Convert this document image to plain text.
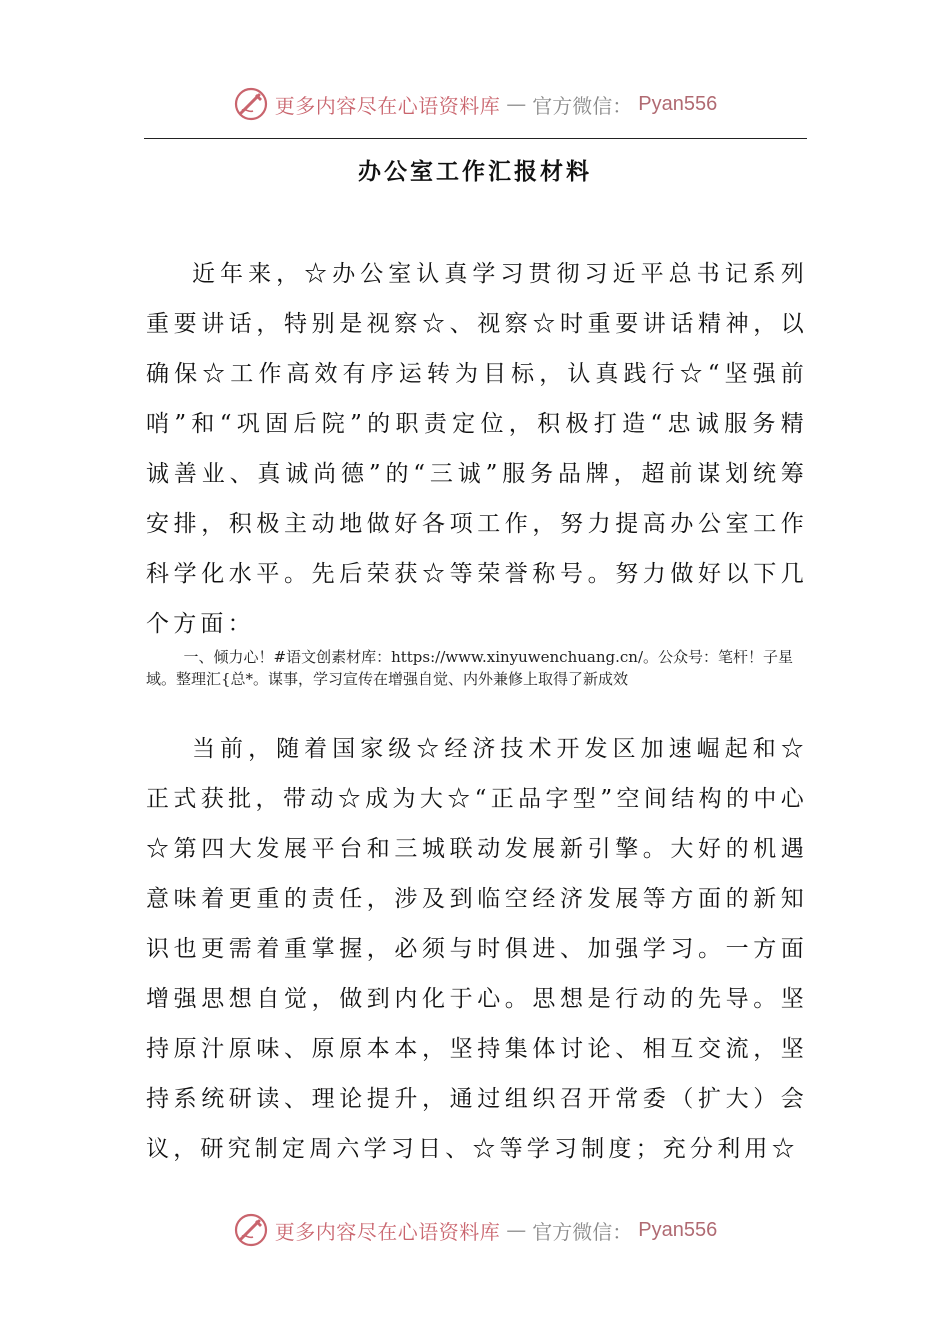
更多内容尽在心语资料库 — 官方微信： Pyan556
办公室工作汇报材料

近年来，☆办公室认真学习贯彻习近平总书记系列重要讲话，特别是视察☆、视察☆时重要讲话精神，以确保☆工作高效有序运转为目标，认真践行☆“坚强前哨”和“巩固后院”的职责定位，积极打造“忠诚服务精诚善业、真诚尚德”的“三诚”服务品牌，超前谋划统筹安排，积极主动地做好各项工作，努力提高办公室工作科学化水平。先后荣获☆等荣誉称号。努力做好以下几个方面：

一、倾力心！#语文创素材库：https://www.xinyuwenchuang.cn/。公众号：笔杆！子星域。整理汇{总*。谋事，学习宣传在增强自觉、内外兼修上取得了新成效

当前，随着国家级☆经济技术开发区加速崛起和☆正式获批，带动☆成为大☆“正品字型”空间结构的中心☆第四大发展平台和三城联动发展新引擎。大好的机遇意味着更重的责任，涉及到临空经济发展等方面的新知识也更需着重掌握，必须与时俱进、加强学习。一方面增强思想自觉，做到内化于心。思想是行动的先导。坚持原汁原味、原原本本，坚持集体讨论、相互交流，坚持系统研读、理论提升，通过组织召开常委（扩大）会议，研究制定周六学习日、☆等学习制度；充分利用☆

更多内容尽在心语资料库 — 官方微信： Pyan556
